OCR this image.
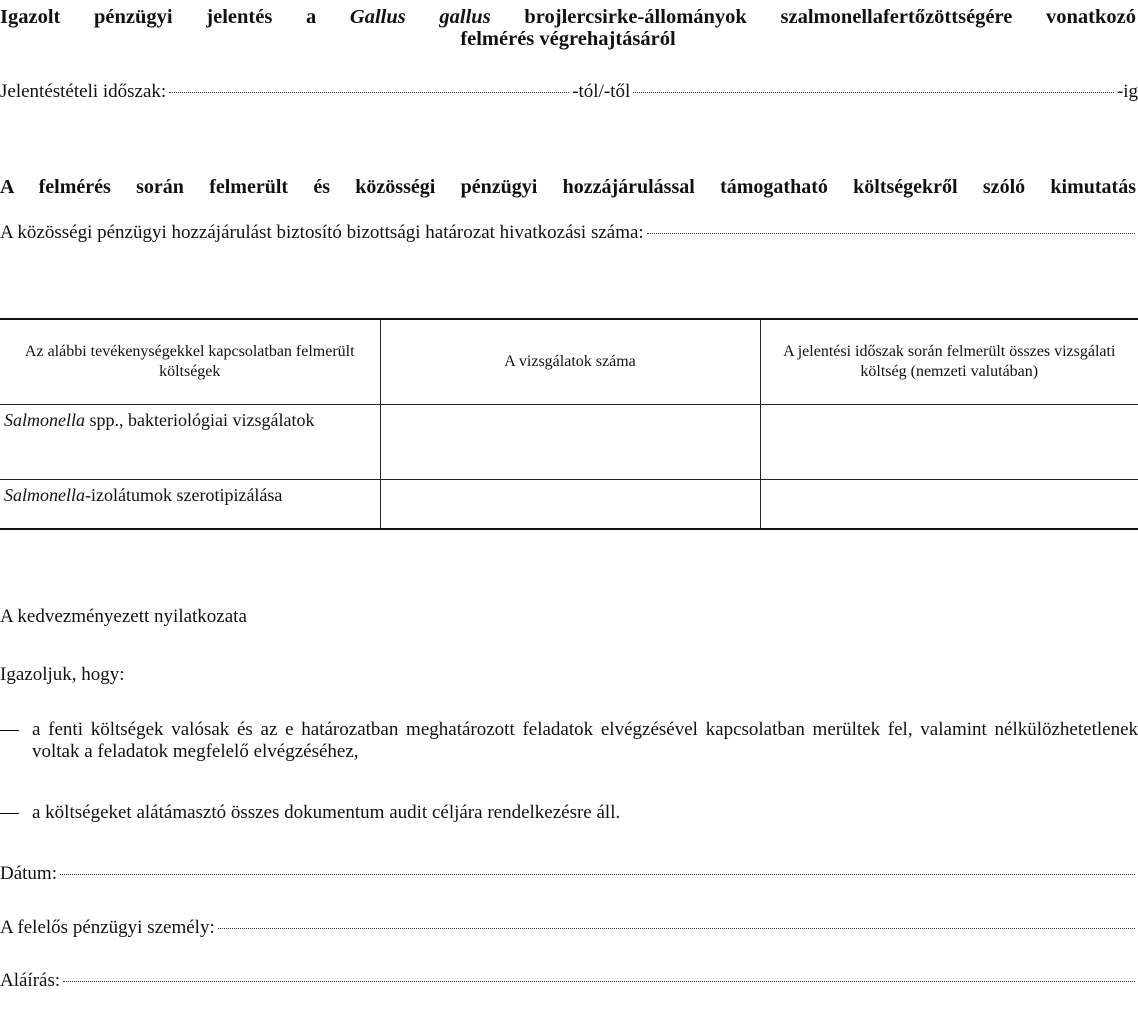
Igazolt pénzügyi jelentés a Gallus gallus brojlercsirke-állományok szalmonellafertőzöttségére vonatkozó
felmérés végrehajtásáról
Jelentéstételi időszak:	-tól/-től	-ig
A felmérés során felmerült és közösségi pénzügyi hozzájárulással támogatható költségekről szóló kimutatás
A közösségi pénzügyi hozzájárulást biztosító bizottsági határozat hivatkozási száma:
Az alábbi tevékenységekkel kapcsolatban felmerült költségek	A vizsgálatok száma	A jelentési időszak során felmerült összes vizsgálati költség (nemzeti valutában)
Salmonella spp., bakteriológiai vizsgálatok		
Salmonella-izolátumok szerotipizálása		
A kedvezményezett nyilatkozata
Igazoljuk, hogy:
— a fenti költségek valósak és az e határozatban meghatározott feladatok elvégzésével kapcsolatban merültek fel, valamint nélkülözhetetlenek voltak a feladatok megfelelő elvégzéséhez,
— a költségeket alátámasztó összes dokumentum audit céljára rendelkezésre áll.
Dátum:
A felelős pénzügyi személy:
Aláírás:
